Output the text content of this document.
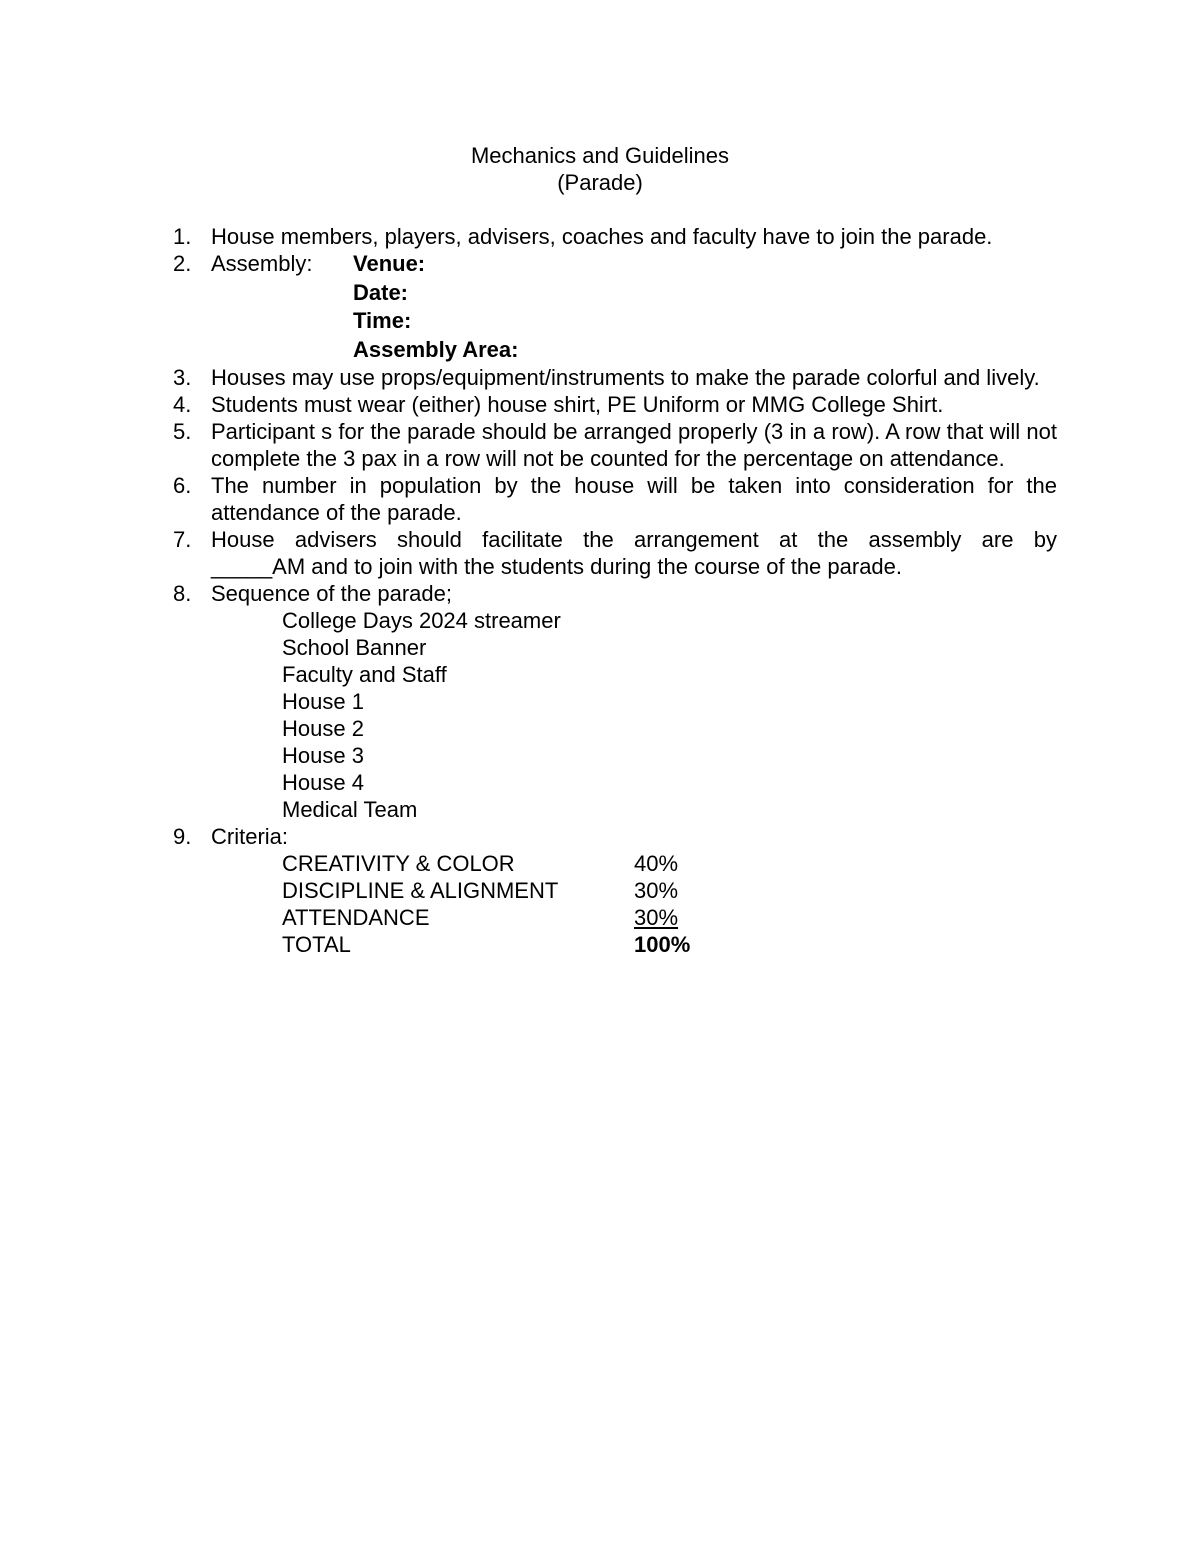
Mechanics and Guidelines
(Parade)
1. House members, players, advisers, coaches and faculty have to join the parade.
2. Assembly:	Venue:
Date:
Time:
Assembly Area:
3. Houses may use props/equipment/instruments to make the parade colorful and lively.
4. Students must wear (either) house shirt, PE Uniform or MMG College Shirt.
5. Participant s for the parade should be arranged properly (3 in a row). A row that will not complete the 3 pax in a row will not be counted for the percentage on attendance.
6. The number in population by the house will be taken into consideration for the attendance of the parade.
7. House advisers should facilitate the arrangement at the assembly are by
_____AM and to join with the students during the course of the parade.
8. Sequence of the parade;
College Days 2024 streamer
School Banner
Faculty and Staff
House 1
House 2
House 3
House 4
Medical Team
9. Criteria:
CREATIVITY & COLOR	40%
DISCIPLINE & ALIGNMENT	30%
ATTENDANCE	30%
TOTAL	100%
